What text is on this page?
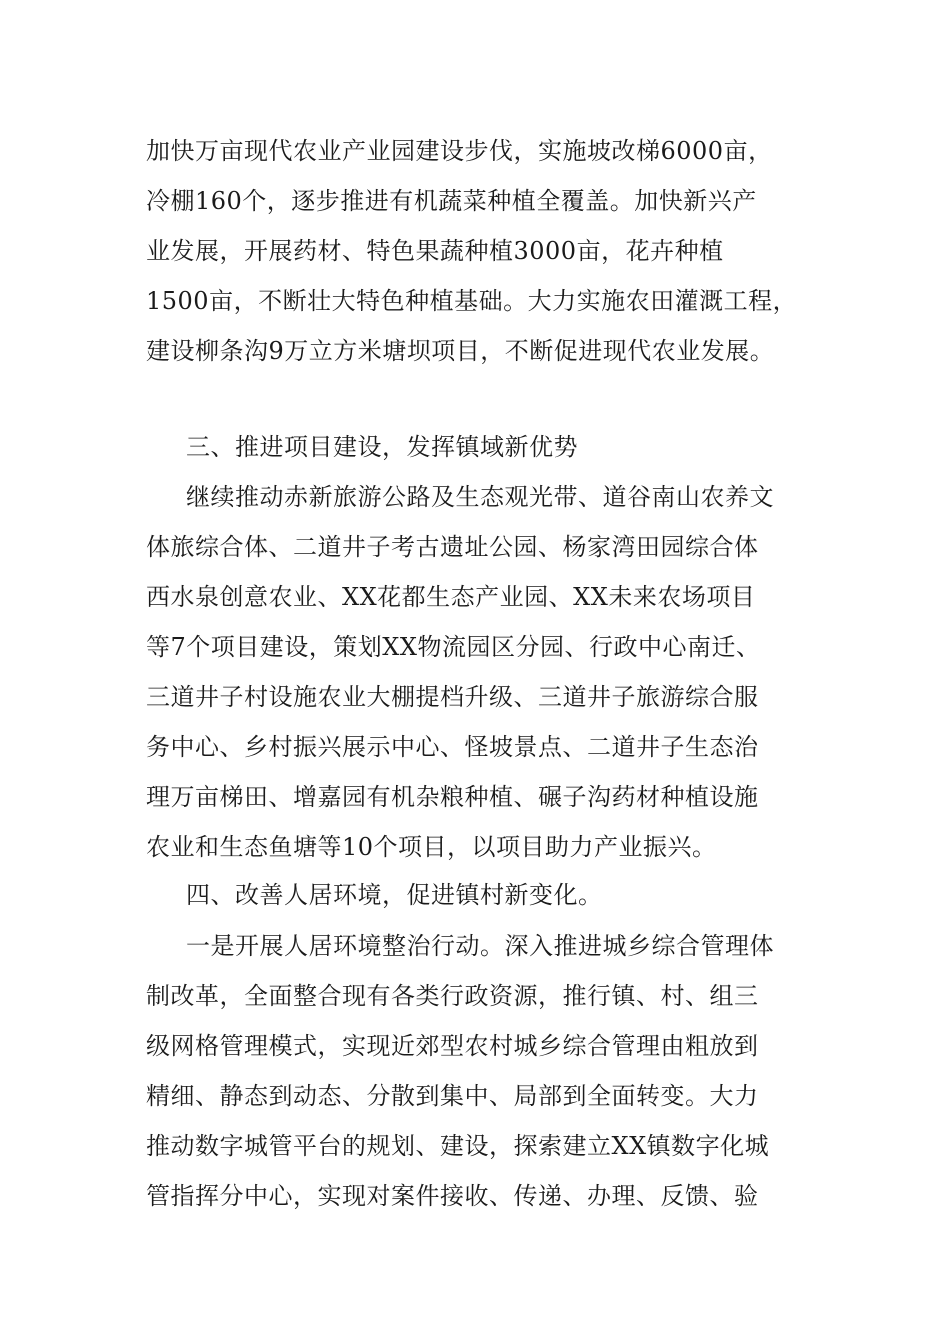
加快万亩现代农业产业园建设步伐，实施坡改梯6000亩，
冷棚160个，逐步推进有机蔬菜种植全覆盖。加快新兴产
业发展，开展药材、特色果蔬种植3000亩，花卉种植
1500亩，不断壮大特色种植基础。大力实施农田灌溉工程，
建设柳条沟9万立方米塘坝项目，不断促进现代农业发展。
三、推进项目建设，发挥镇域新优势
继续推动赤新旅游公路及生态观光带、道谷南山农养文
体旅综合体、二道井子考古遗址公园、杨家湾田园综合体
西水泉创意农业、XX花都生态产业园、XX未来农场项目
等7个项目建设，策划XX物流园区分园、行政中心南迁、
三道井子村设施农业大棚提档升级、三道井子旅游综合服
务中心、乡村振兴展示中心、怪坡景点、二道井子生态治
理万亩梯田、增嘉园有机杂粮种植、碾子沟药材种植设施
农业和生态鱼塘等10个项目，以项目助力产业振兴。
四、改善人居环境，促进镇村新变化。
一是开展人居环境整治行动。深入推进城乡综合管理体
制改革，全面整合现有各类行政资源，推行镇、村、组三
级网格管理模式，实现近郊型农村城乡综合管理由粗放到
精细、静态到动态、分散到集中、局部到全面转变。大力
推动数字城管平台的规划、建设，探索建立XX镇数字化城
管指挥分中心，实现对案件接收、传递、办理、反馈、验
